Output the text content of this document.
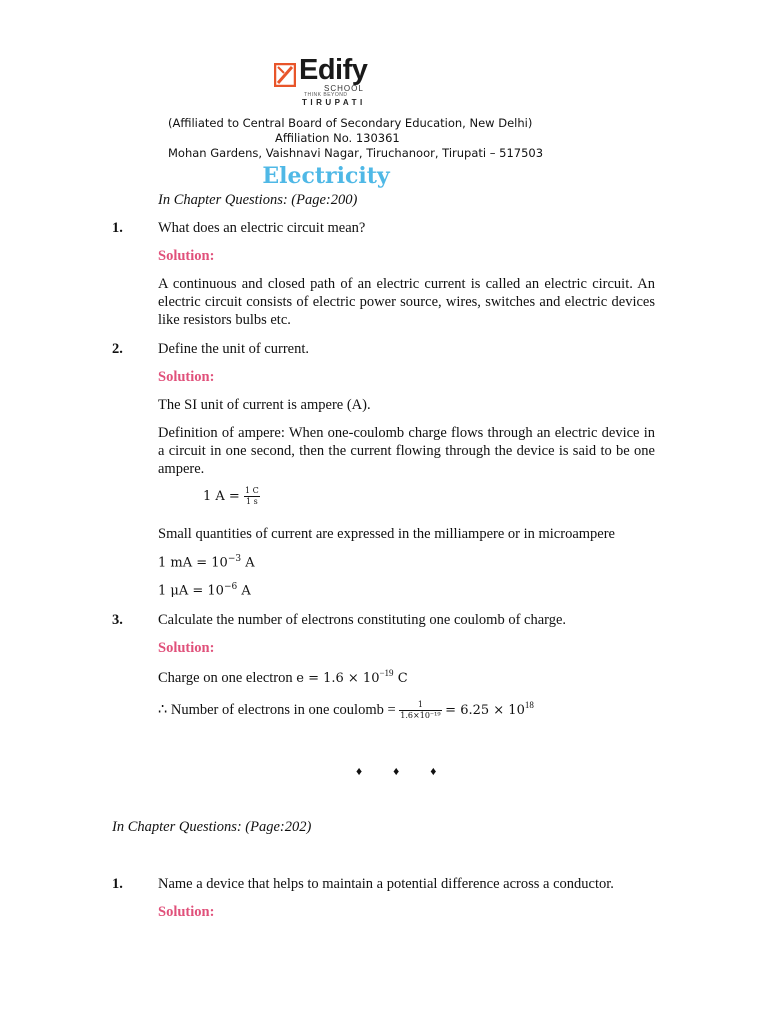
Edify
SCHOOL
THINK BEYOND
TIRUPATI
(Affiliated to Central Board of Secondary Education, New Delhi)
Affiliation No. 130361
Mohan Gardens, Vaishnavi Nagar, Tiruchanoor, Tirupati – 517503
Electricity
In Chapter Questions: (Page:200)
1. What does an electric circuit mean?
Solution:
A continuous and closed path of an electric current is called an electric circuit. An electric circuit consists of electric power source, wires, switches and electric devices like resistors bulbs etc.
2. Define the unit of current.
Solution:
The SI unit of current is ampere (A).
Definition of ampere: When one-coulomb charge flows through an electric device in a circuit in one second, then the current flowing through the device is said to be one ampere.
1 $A = \frac{1 C}{1 s}$
Small quantities of current are expressed in the milliampere or in microampere
1 mA = $10^{-3}$ A
1 $\mu A = 10^{-6}$ A
3. Calculate the number of electrons constituting one coulomb of charge.
Solution:
Charge on one electron $e = 1.6 \times 10^{-19}$ C
∴ Number of electrons in one coulomb = $\frac{1}{\text{1.6×10⁻¹⁹}} = 6.25 \times 10^{18}$
♦ ♦ ♦
In Chapter Questions: (Page:202)
1. Name a device that helps to maintain a potential difference across a conductor.
Solution:
